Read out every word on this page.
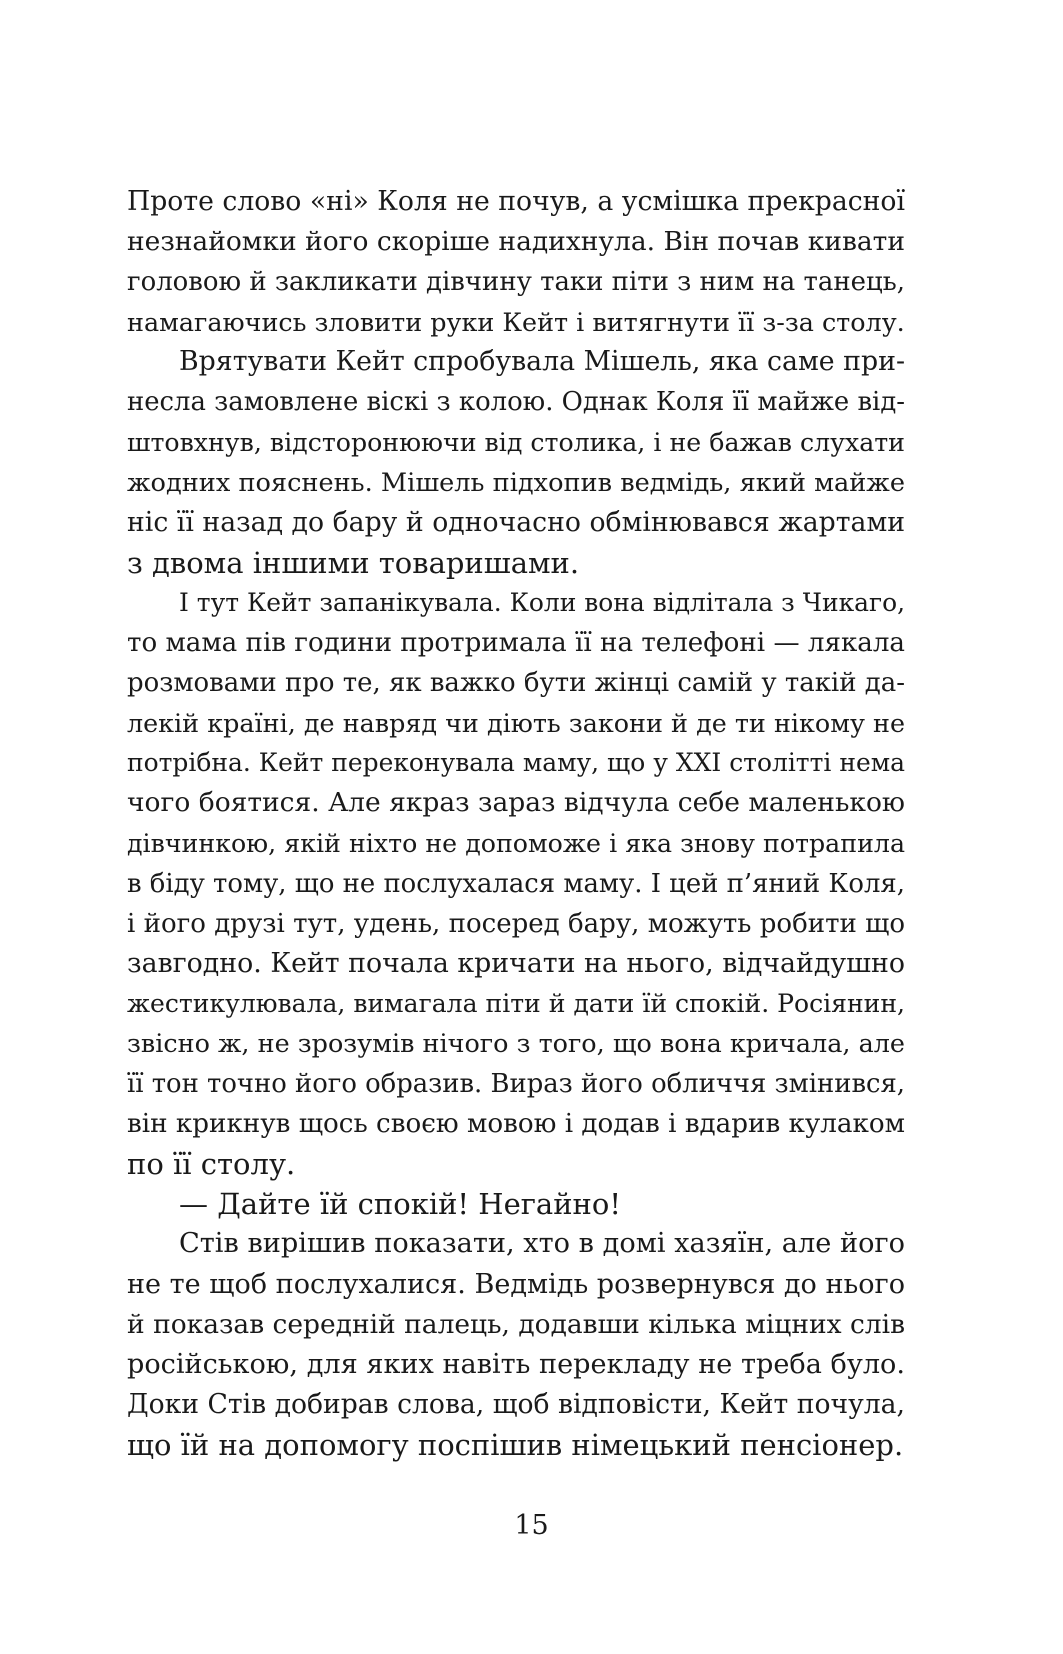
Проте слово «ні» Коля не почув, а усмішка прекрасної
незнайомки його скоріше надихнула. Він почав кивати
головою й закликати дівчину таки піти з ним на танець,
намагаючись зловити руки Кейт і витягнути її з-за столу.
Врятувати Кейт спробувала Мішель, яка саме при-
несла замовлене віскі з колою. Однак Коля її майже від-
штовхнув, відсторонюючи від столика, і не бажав слухати
жодних пояснень. Мішель підхопив ведмідь, який майже
ніс її назад до бару й одночасно обмінювався жартами
з двома іншими товаришами.
І тут Кейт запанікувала. Коли вона відлітала з Чикаго,
то мама пів години протримала її на телефоні — лякала
розмовами про те, як важко бути жінці самій у такій да-
лекій країні, де навряд чи діють закони й де ти нікому не
потрібна. Кейт переконувала маму, що у XXI столітті нема
чого боятися. Але якраз зараз відчула себе маленькою
дівчинкою, якій ніхто не допоможе і яка знову потрапила
в біду тому, що не послухалася маму. І цей п’яний Коля,
і його друзі тут, удень, посеред бару, можуть робити що
завгодно. Кейт почала кричати на нього, відчайдушно
жестикулювала, вимагала піти й дати їй спокій. Росіянин,
звісно ж, не зрозумів нічого з того, що вона кричала, але
її тон точно його образив. Вираз його обличчя змінився,
він крикнув щось своєю мовою і додав і вдарив кулаком
по її столу.
— Дайте їй спокій! Негайно!
Стів вирішив показати, хто в домі хазяїн, але його
не те щоб послухалися. Ведмідь розвернувся до нього
й показав середній палець, додавши кілька міцних слів
російською, для яких навіть перекладу не треба було.
Доки Стів добирав слова, щоб відповісти, Кейт почула,
що їй на допомогу поспішив німецький пенсіонер.
15
